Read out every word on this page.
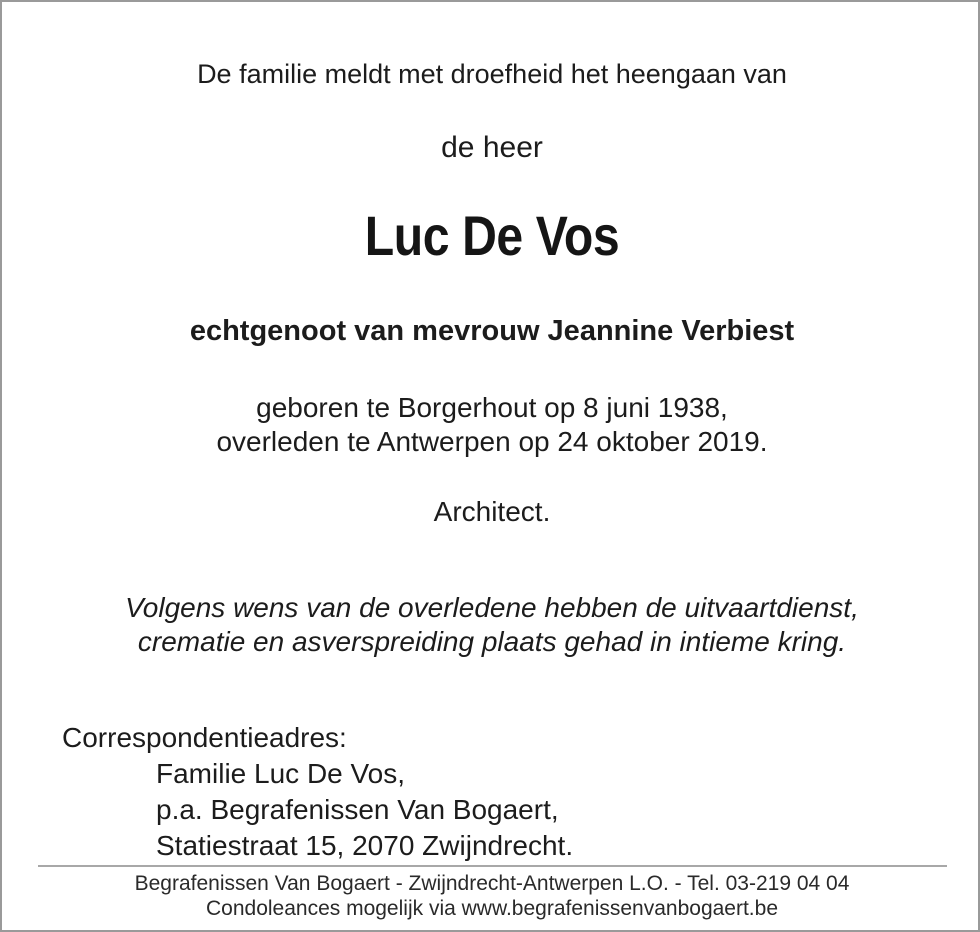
De familie meldt met droefheid het heengaan van

de heer

Luc De Vos

echtgenoot van mevrouw Jeannine Verbiest

geboren te Borgerhout op 8 juni 1938,

overleden te Antwerpen op 24 oktober 2019.

Architect.

Volgens wens van de overledene hebben de uitvaartdienst,

crematie en asverspreiding plaats gehad in intieme kring.

Correspondentieadres:
Familie Luc De Vos,
p.a. Begrafenissen Van Bogaert,
Statiestraat 15, 2070 Zwijndrecht.

Begrafenissen Van Bogaert - Zwijndrecht-Antwerpen L.O. - Tel. 03-219 04 04

Condoleances mogelijk via www.begrafenissenvanbogaert.be
